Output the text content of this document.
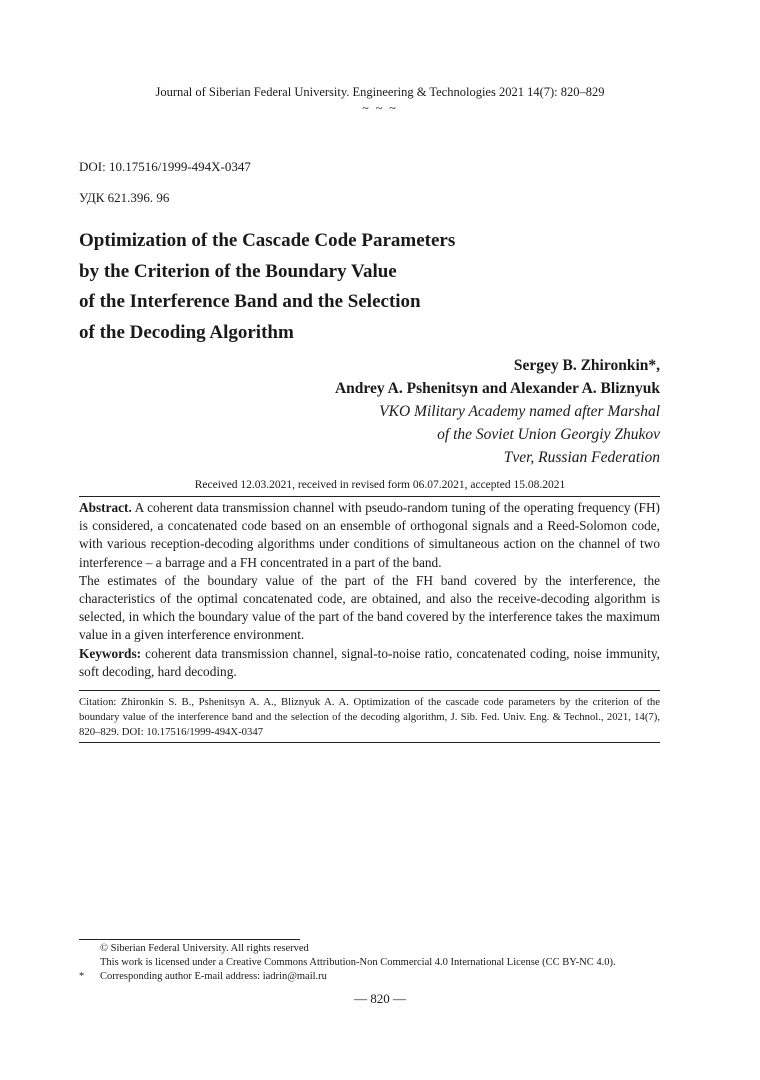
Journal of Siberian Federal University. Engineering & Technologies 2021 14(7): 820–829
~ ~ ~
DOI: 10.17516/1999-494X-0347
УДК 621.396. 96
Optimization of the Cascade Code Parameters
by the Criterion of the Boundary Value
of the Interference Band and the Selection
of the Decoding Algorithm
Sergey B. Zhironkin*,
Andrey A. Pshenitsyn and Alexander A. Bliznyuk
VKO Military Academy named after Marshal
of the Soviet Union Georgiy Zhukov
Tver, Russian Federation
Received 12.03.2021, received in revised form 06.07.2021, accepted 15.08.2021

Abstract. A coherent data transmission channel with pseudo-random tuning of the operating frequency (FH) is considered, a concatenated code based on an ensemble of orthogonal signals and a Reed-Solomon code, with various reception-decoding algorithms under conditions of simultaneous action on the channel of two interference – a barrage and a FH concentrated in a part of the band.

The estimates of the boundary value of the part of the FH band covered by the interference, the characteristics of the optimal concatenated code, are obtained, and also the receive-decoding algorithm is selected, in which the boundary value of the part of the band covered by the interference takes the maximum value in a given interference environment.

Keywords: coherent data transmission channel, signal-to-noise ratio, concatenated coding, noise immunity, soft decoding, hard decoding.

Citation: Zhironkin S. B., Pshenitsyn A. A., Bliznyuk A. A. Optimization of the cascade code parameters by the criterion of the boundary value of the interference band and the selection of the decoding algorithm, J. Sib. Fed. Univ. Eng. & Technol., 2021, 14(7), 820–829. DOI: 10.17516/1999-494X-0347

© Siberian Federal University. All rights reserved
This work is licensed under a Creative Commons Attribution-Non Commercial 4.0 International License (CC BY-NC 4.0).
*	Corresponding author E-mail address: iadrin@mail.ru
— 820 —
